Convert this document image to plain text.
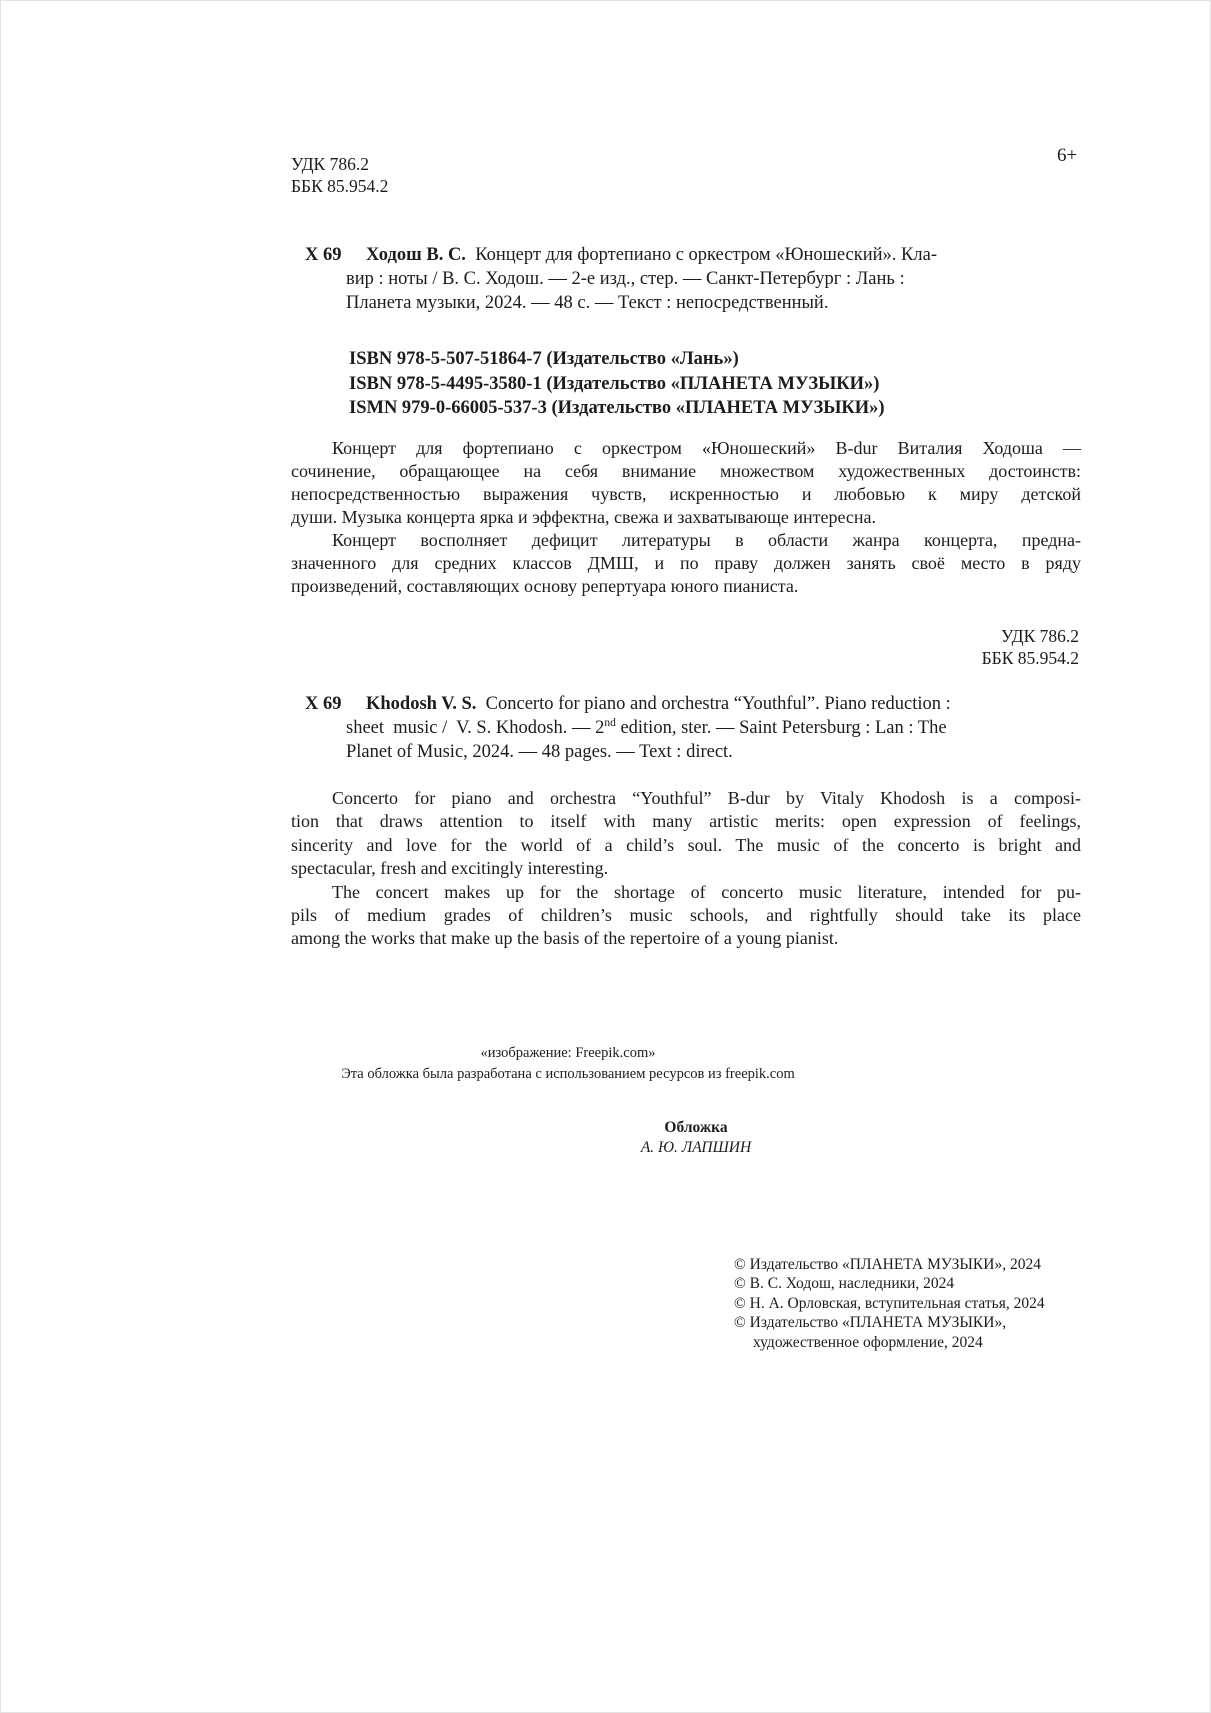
УДК 786.2
ББК 85.954.2
6+
Х 69	Ходош В. С.  Концерт для фортепиано с оркестром «Юношеский». Кла-
вир : ноты / В. С. Ходош. — 2-е изд., стер. — Санкт-Петербург : Лань :
Планета музыки, 2024. — 48 с. — Текст : непосредственный.
ISBN 978-5-507-51864-7 (Издательство «Лань»)
ISBN 978-5-4495-3580-1 (Издательство «ПЛАНЕТА МУЗЫКИ»)
ISMN 979-0-66005-537-3 (Издательство «ПЛАНЕТА МУЗЫКИ»)
Концерт для фортепиано с оркестром «Юношеский» B-dur Виталия Ходоша —
сочинение, обращающее на себя внимание множеством художественных достоинств:
непосредственностью выражения чувств, искренностью и любовью к миру детской
души. Музыка концерта ярка и эффектна, свежа и захватывающе интересна.
Концерт восполняет дефицит литературы в области жанра концерта, предна-
значенного для средних классов ДМШ, и по праву должен занять своё место в ряду
произведений, составляющих основу репертуара юного пианиста.
УДК 786.2
ББК 85.954.2
X 69	Khodosh V. S.  Concerto for piano and orchestra “Youthful”. Piano reduction :
sheet  music /  V. S. Khodosh. — 2nd edition, ster. — Saint Petersburg : Lan : The
Planet of Music, 2024. — 48 pages. — Text : direct.
Concerto for piano and orchestra “Youthful” B-dur by Vitaly Khodosh is a composi-
tion that draws attention to itself with many artistic merits: open expression of feelings,
sincerity and love for the world of a child’s soul. The music of the concerto is bright and
spectacular, fresh and excitingly interesting.
The concert makes up for the shortage of concerto music literature, intended for pu-
pils of medium grades of children’s music schools, and rightfully should take its place
among the works that make up the basis of the repertoire of a young pianist.
«изображение: Freepik.com»
Эта обложка была разработана с использованием ресурсов из freepik.com
Обложка
А. Ю. ЛАПШИН
© Издательство «ПЛАНЕТА МУЗЫКИ», 2024
© В. С. Ходош, наследники, 2024
© Н. А. Орловская, вступительная статья, 2024
© Издательство «ПЛАНЕТА МУЗЫКИ»,
художественное оформление, 2024
